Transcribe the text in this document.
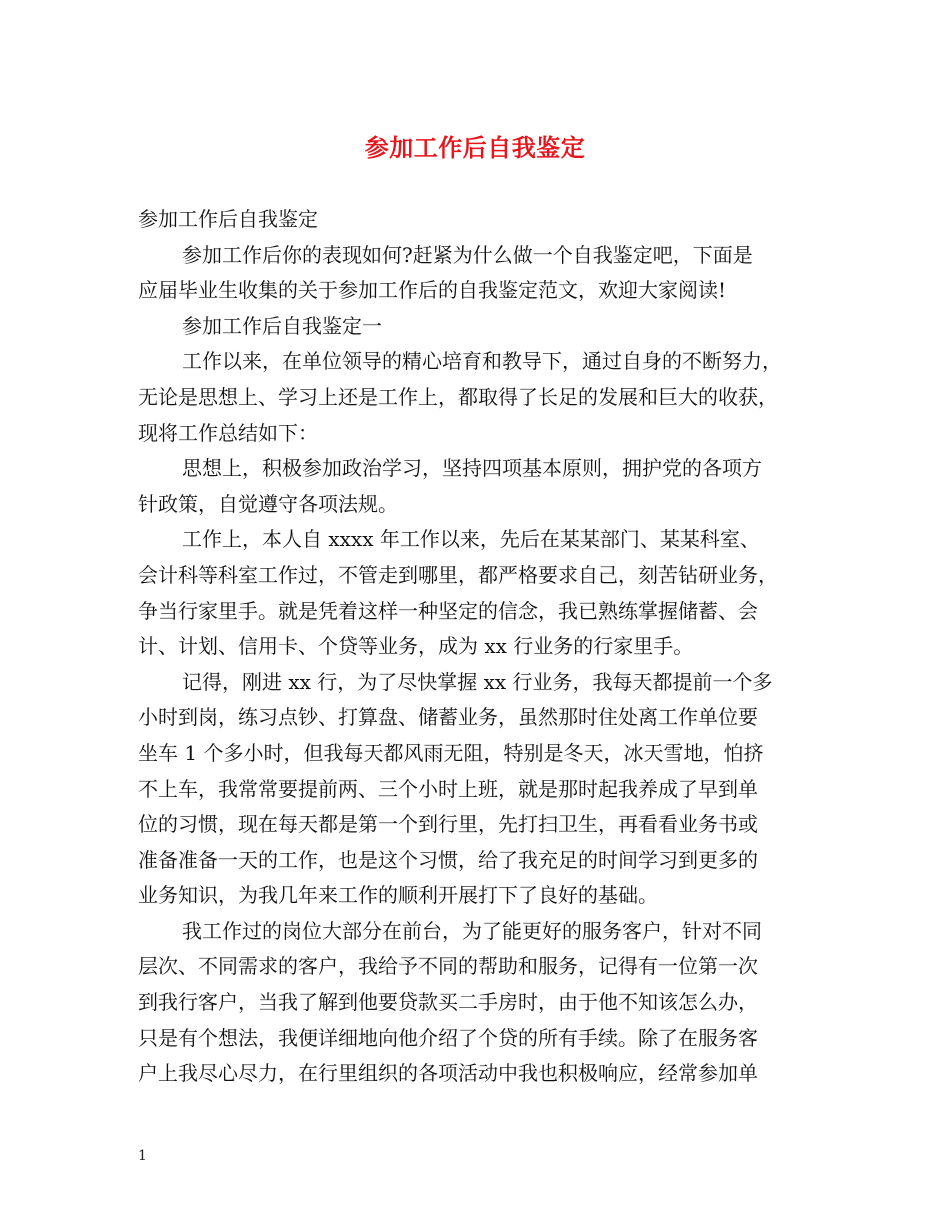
参加工作后自我鉴定
参加工作后自我鉴定
参加工作后你的表现如何?赶紧为什么做一个自我鉴定吧，下面是
应届毕业生收集的关于参加工作后的自我鉴定范文，欢迎大家阅读!
参加工作后自我鉴定一
工作以来，在单位领导的精心培育和教导下，通过自身的不断努力，
无论是思想上、学习上还是工作上，都取得了长足的发展和巨大的收获，
现将工作总结如下：
思想上，积极参加政治学习，坚持四项基本原则，拥护党的各项方
针政策，自觉遵守各项法规。
工作上，本人自 xxxx 年工作以来，先后在某某部门、某某科室、
会计科等科室工作过，不管走到哪里，都严格要求自己，刻苦钻研业务，
争当行家里手。就是凭着这样一种坚定的信念，我已熟练掌握储蓄、会
计、计划、信用卡、个贷等业务，成为 xx 行业务的行家里手。
记得，刚进 xx 行，为了尽快掌握 xx 行业务，我每天都提前一个多
小时到岗，练习点钞、打算盘、储蓄业务，虽然那时住处离工作单位要
坐车 1 个多小时，但我每天都风雨无阻，特别是冬天，冰天雪地，怕挤
不上车，我常常要提前两、三个小时上班，就是那时起我养成了早到单
位的习惯，现在每天都是第一个到行里，先打扫卫生，再看看业务书或
准备准备一天的工作，也是这个习惯，给了我充足的时间学习到更多的
业务知识，为我几年来工作的顺利开展打下了良好的基础。
我工作过的岗位大部分在前台，为了能更好的服务客户，针对不同
层次、不同需求的客户，我给予不同的帮助和服务，记得有一位第一次
到我行客户，当我了解到他要贷款买二手房时，由于他不知该怎么办，
只是有个想法，我便详细地向他介绍了个贷的所有手续。除了在服务客
户上我尽心尽力，在行里组织的各项活动中我也积极响应，经常参加单
1
